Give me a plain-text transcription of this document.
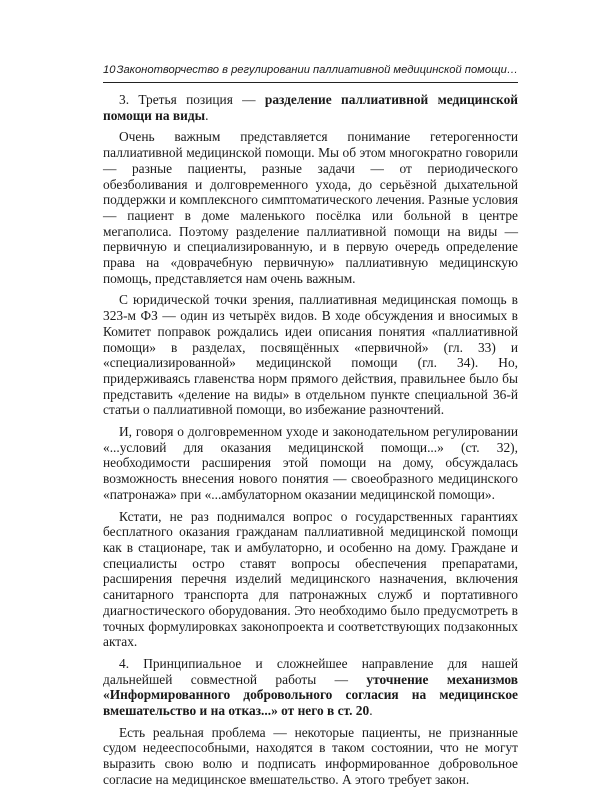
10 Законотворчество в регулировании паллиативной медицинской помощи…

3. Третья позиция — разделение паллиативной медицинской помощи на виды.

Очень важным представляется понимание гетерогенности паллиативной медицинской помощи. Мы об этом многократно говорили — разные пациенты, разные задачи — от периодического обезболивания и долговременного ухода, до серьёзной дыхательной поддержки и комплексного симптоматического лечения. Разные условия — пациент в доме маленького посёлка или больной в центре мегаполиса. Поэтому разделение паллиативной помощи на виды — первичную и специализированную, и в первую очередь определение права на «доврачебную первичную» паллиативную медицинскую помощь, представляется нам очень важным.

С юридической точки зрения, паллиативная медицинская помощь в 323-м ФЗ — один из четырёх видов. В ходе обсуждения и вносимых в Комитет поправок рождались идеи описания понятия «паллиативной помощи» в разделах, посвящённых «первичной» (гл. 33) и «специализированной» медицинской помощи (гл. 34). Но, придерживаясь главенства норм прямого действия, правильнее было бы представить «деление на виды» в отдельном пункте специальной 36-й статьи о паллиативной помощи, во избежание разночтений.

И, говоря о долговременном уходе и законодательном регулировании «...условий для оказания медицинской помощи...» (ст. 32), необходимости расширения этой помощи на дому, обсуждалась возможность внесения нового понятия — своеобразного медицинского «патронажа» при «...амбулаторном оказании медицинской помощи».

Кстати, не раз поднимался вопрос о государственных гарантиях бесплатного оказания гражданам паллиативной медицинской помощи как в стационаре, так и амбулаторно, и особенно на дому. Граждане и специалисты остро ставят вопросы обеспечения препаратами, расширения перечня изделий медицинского назначения, включения санитарного транспорта для патронажных служб и портативного диагностического оборудования. Это необходимо было предусмотреть в точных формулировках законопроекта и соответствующих подзаконных актах.

4. Принципиальное и сложнейшее направление для нашей дальнейшей совместной работы — уточнение механизмов «Информированного добровольного согласия на медицинское вмешательство и на отказ...» от него в ст. 20.

Есть реальная проблема — некоторые пациенты, не признанные судом недееспособными, находятся в таком состоянии, что не могут выразить свою волю и подписать информированное добровольное согласие на медицинское вмешательство. А этого требует закон.
